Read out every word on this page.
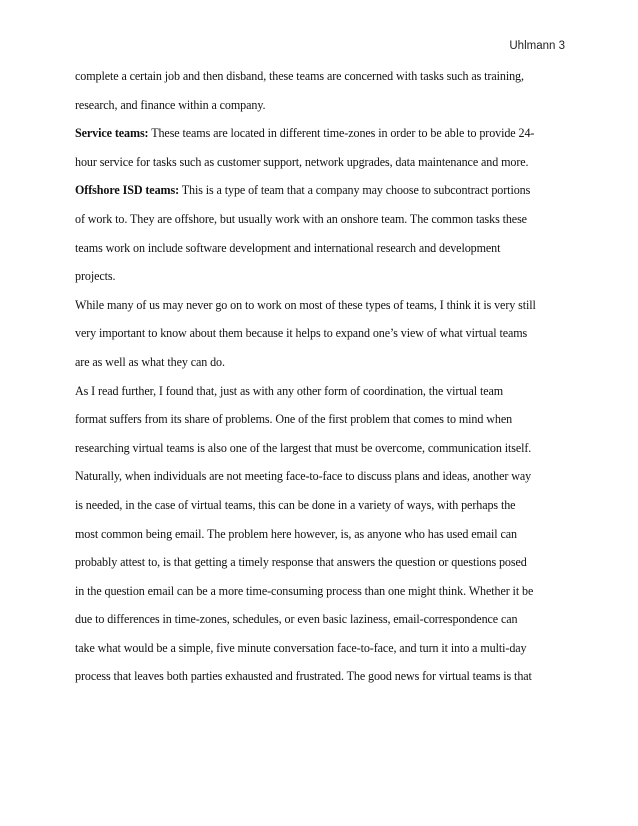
Uhlmann 3
complete a certain job and then disband, these teams are concerned with tasks such as training,
research, and finance within a company.
Service teams: These teams are located in different time-zones in order to be able to provide 24-
hour service for tasks such as customer support, network upgrades, data maintenance and more.
Offshore ISD teams: This is a type of team that a company may choose to subcontract portions
of work to. They are offshore, but usually work with an onshore team. The common tasks these
teams work on include software development and international research and development
projects.
While many of us may never go on to work on most of these types of teams, I think it is very still
very important to know about them because it helps to expand one’s view of what virtual teams
are as well as what they can do.
As I read further, I found that, just as with any other form of coordination, the virtual team
format suffers from its share of problems. One of the first problem that comes to mind when
researching virtual teams is also one of the largest that must be overcome, communication itself.
Naturally, when individuals are not meeting face-to-face to discuss plans and ideas, another way
is needed, in the case of virtual teams, this can be done in a variety of ways, with perhaps the
most common being email. The problem here however, is, as anyone who has used email can
probably attest to, is that getting a timely response that answers the question or questions posed
in the question email can be a more time-consuming process than one might think. Whether it be
due to differences in time-zones, schedules, or even basic laziness, email-correspondence can
take what would be a simple, five minute conversation face-to-face, and turn it into a multi-day
process that leaves both parties exhausted and frustrated. The good news for virtual teams is that
